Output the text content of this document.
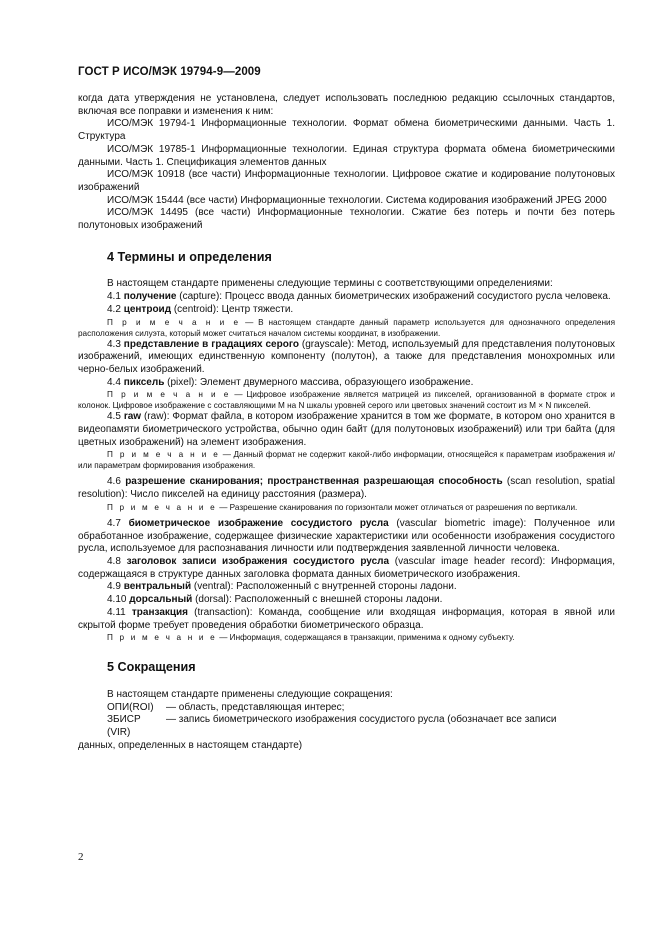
ГОСТ Р ИСО/МЭК 19794-9—2009

когда дата утверждения не установлена, следует использовать последнюю редакцию ссылочных стандартов, включая все поправки и изменения к ним:

ИСО/МЭК 19794-1 Информационные технологии. Формат обмена биометрическими данными. Часть 1. Структура

ИСО/МЭК 19785-1 Информационные технологии. Единая структура формата обмена биометрическими данными. Часть 1. Спецификация элементов данных

ИСО/МЭК 10918 (все части) Информационные технологии. Цифровое сжатие и кодирование полутоновых изображений

ИСО/МЭК 15444 (все части) Информационные технологии. Система кодирования изображений JPEG 2000

ИСО/МЭК 14495 (все части) Информационные технологии. Сжатие без потерь и почти без потерь полутоновых изображений

4 Термины и определения

В настоящем стандарте применены следующие термины с соответствующими определениями:

4.1 получение (capture): Процесс ввода данных биометрических изображений сосудистого русла человека.

4.2 центроид (centroid): Центр тяжести.

П р и м е ч а н и е — В настоящем стандарте данный параметр используется для однозначного определения расположения силуэта, который может считаться началом системы координат, в изображении.

4.3 представление в градациях серого (grayscale): Метод, используемый для представления полутоновых изображений, имеющих единственную компоненту (полутон), а также для представления монохромных или черно-белых изображений.

4.4 пиксель (pixel): Элемент двумерного массива, образующего изображение.

П р и м е ч а н и е — Цифровое изображение является матрицей из пикселей, организованной в формате строк и колонок. Цифровое изображение с составляющими M на N шкалы уровней серого или цветовых значений состоит из M × N пикселей.

4.5 raw (raw): Формат файла, в котором изображение хранится в том же формате, в котором оно хранится в видеопамяти биометрического устройства, обычно один байт (для полутоновых изображений) или три байта (для цветных изображений) на элемент изображения.

П р и м е ч а н и е — Данный формат не содержит какой-либо информации, относящейся к параметрам изображения и/или параметрам формирования изображения.

4.6 разрешение сканирования; пространственная разрешающая способность (scan resolution, spatial resolution): Число пикселей на единицу расстояния (размера).

П р и м е ч а н и е — Разрешение сканирования по горизонтали может отличаться от разрешения по вертикали.

4.7 биометрическое изображение сосудистого русла (vascular biometric image): Полученное или обработанное изображение, содержащее физические характеристики или особенности изображения сосудистого русла, используемое для распознавания личности или подтверждения заявленной личности человека.

4.8 заголовок записи изображения сосудистого русла (vascular image header record): Информация, содержащаяся в структуре данных заголовка формата данных биометрического изображения.

4.9 вентральный (ventral): Расположенный с внутренней стороны ладони.

4.10 дорсальный (dorsal): Расположенный с внешней стороны ладони.

4.11 транзакция (transaction): Команда, сообщение или входящая информация, которая в явной или скрытой форме требует проведения обработки биометрического образца.

П р и м е ч а н и е — Информация, содержащаяся в транзакции, применима к одному субъекту.

5 Сокращения

В настоящем стандарте применены следующие сокращения:

ОПИ(ROI)	— область, представляющая интерес;
ЗБИСР (VIR)
— запись биометрического изображения сосудистого русла (обозначает все записи

данных, определенных в настоящем стандарте)

2
